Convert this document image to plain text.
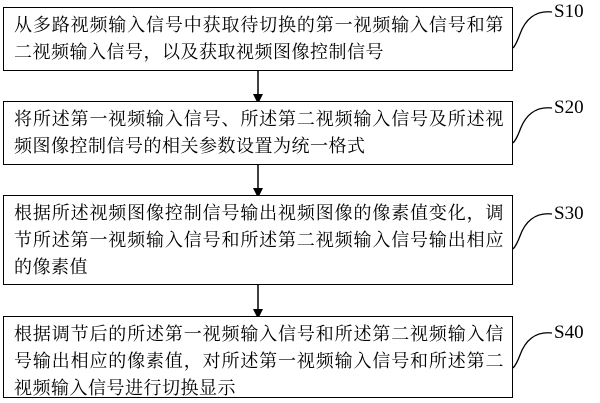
从多路视频输入信号中获取待切换的第一视频输入信号和第二视频输入信号，以及获取视频图像控制信号
S10
将所述第一视频输入信号、所述第二视频输入信号及所述视频图像控制信号的相关参数设置为统一格式
S20
根据所述视频图像控制信号输出视频图像的像素值变化，调节所述第一视频输入信号和所述第二视频输入信号输出相应的像素值
S30
根据调节后的所述第一视频输入信号和所述第二视频输入信号输出相应的像素值，对所述第一视频输入信号和所述第二视频输入信号进行切换显示
S40
